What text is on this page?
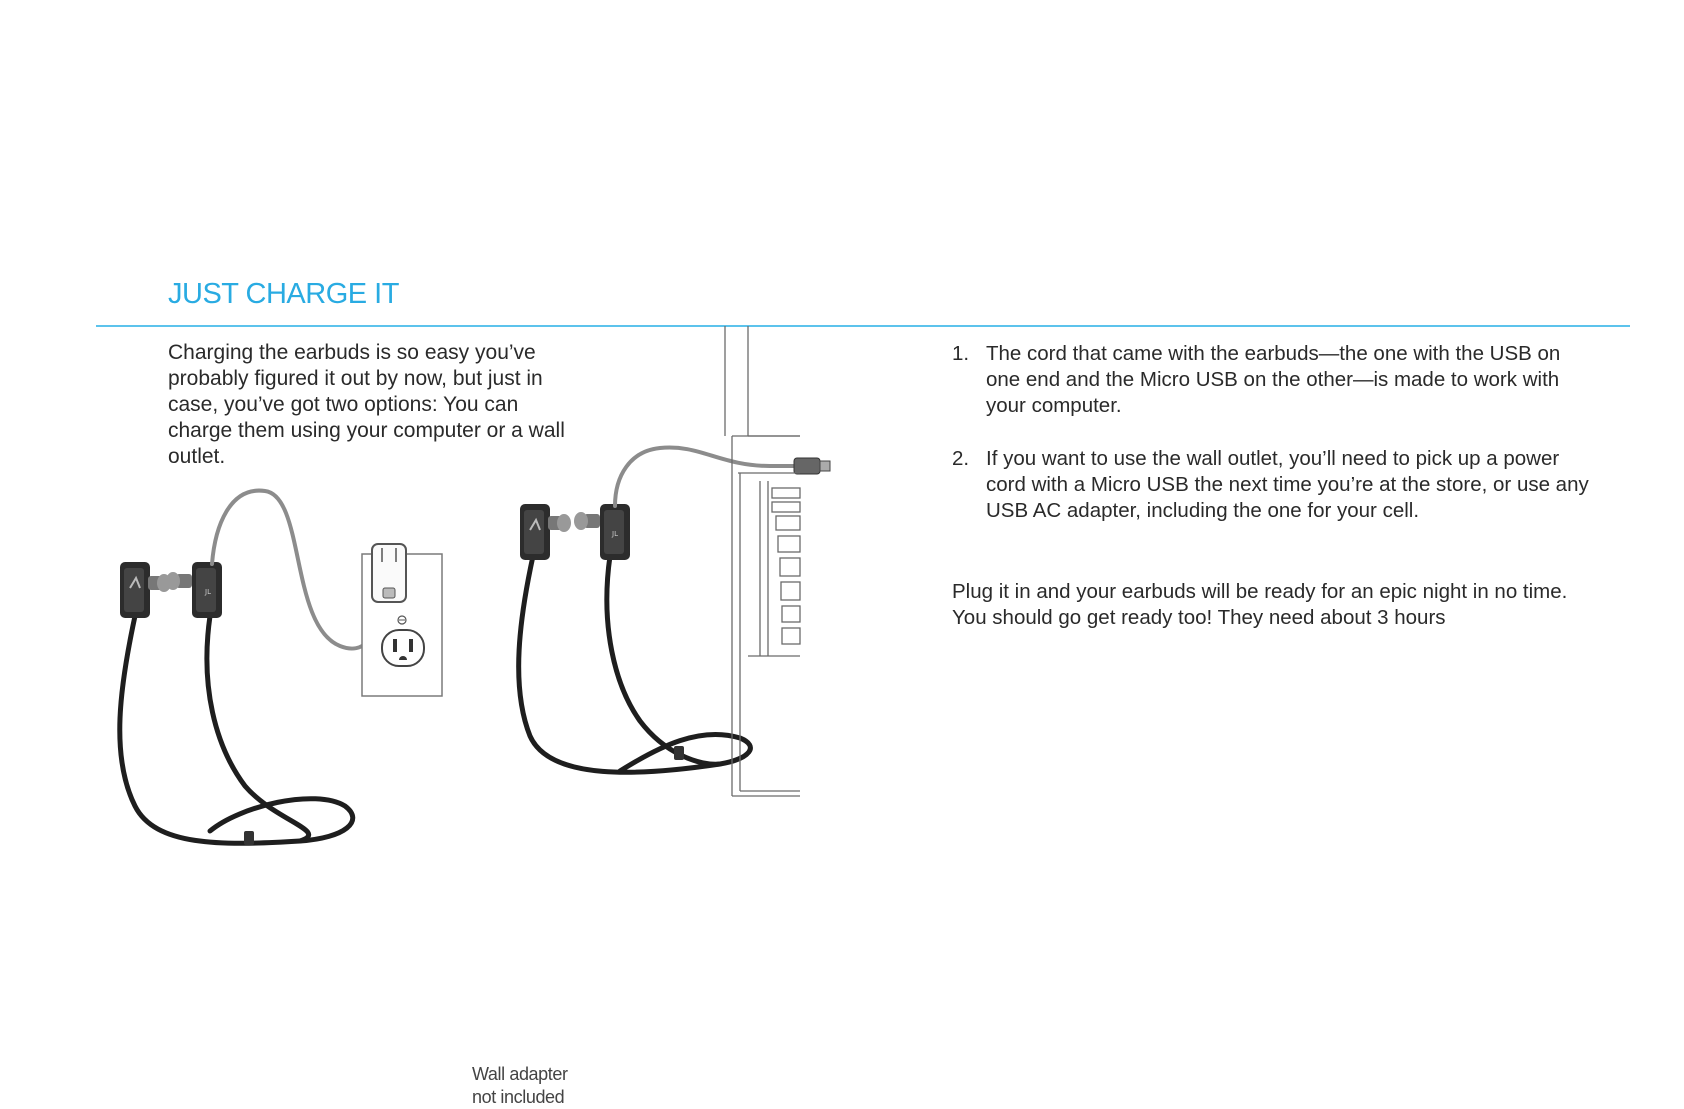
JUST CHARGE IT

Charging the earbuds is so easy you’ve probably figured it out by now, but just in case, you’ve got two options: You can charge them using your computer or a wall outlet.

JL
JL
Wall adapter
not included
1. The cord that came with the earbuds—the one with the USB on one end and the Micro USB on the other—is made to work with your computer.
2. If you want to use the wall outlet, you’ll need to pick up a power cord with a Micro USB the next time you’re at the store, or use any USB AC adapter, including the one for your cell.

Plug it in and your earbuds will be ready for an epic night in no time. You should go get ready too! They need about 3 hours
